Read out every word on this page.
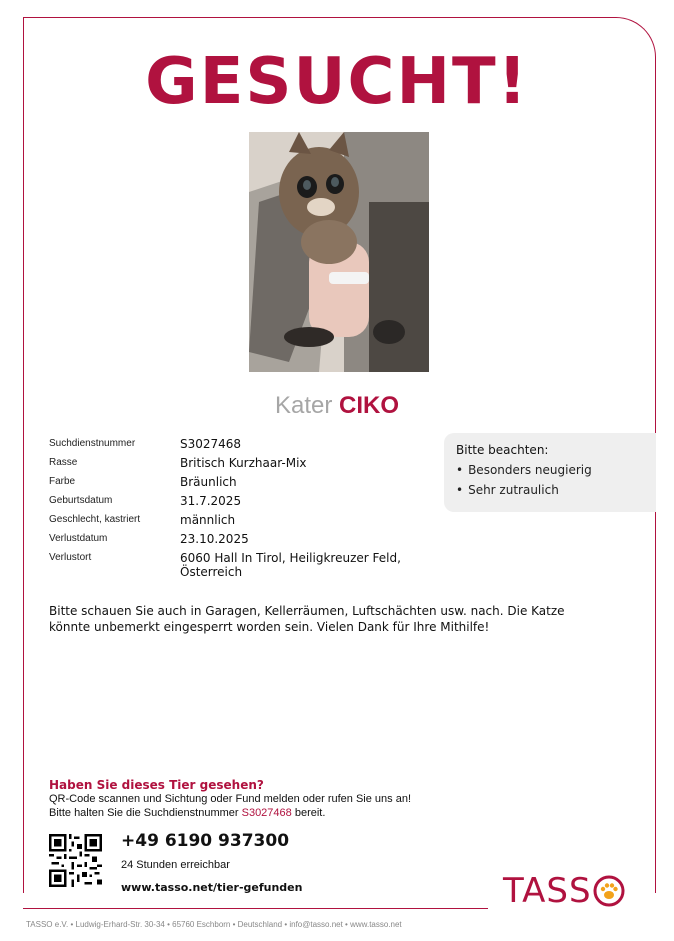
GESUCHT!
Kater CIKO
Suchdienstnummer	S3027468
Rasse	Britisch Kurzhaar-Mix
Farbe	Bräunlich
Geburtsdatum	31.7.2025
Geschlecht, kastriert	männlich
Verlustdatum	23.10.2025
Verlustort	6060 Hall In Tirol, Heiligkreuzer Feld, Österreich
Bitte beachten:
• Besonders neugierig
• Sehr zutraulich
Bitte schauen Sie auch in Garagen, Kellerräumen, Luftschächten usw. nach. Die Katze könnte unbemerkt eingesperrt worden sein. Vielen Dank für Ihre Mithilfe!
Haben Sie dieses Tier gesehen?
QR-Code scannen und Sichtung oder Fund melden oder rufen Sie uns an!
Bitte halten Sie die Suchdienstnummer S3027468 bereit.
+49 6190 937300
24 Stunden erreichbar
www.tasso.net/tier-gefunden	TASS
TASSO e.V. • Ludwig-Erhard-Str. 30-34 • 65760 Eschborn • Deutschland • info@tasso.net • www.tasso.net
